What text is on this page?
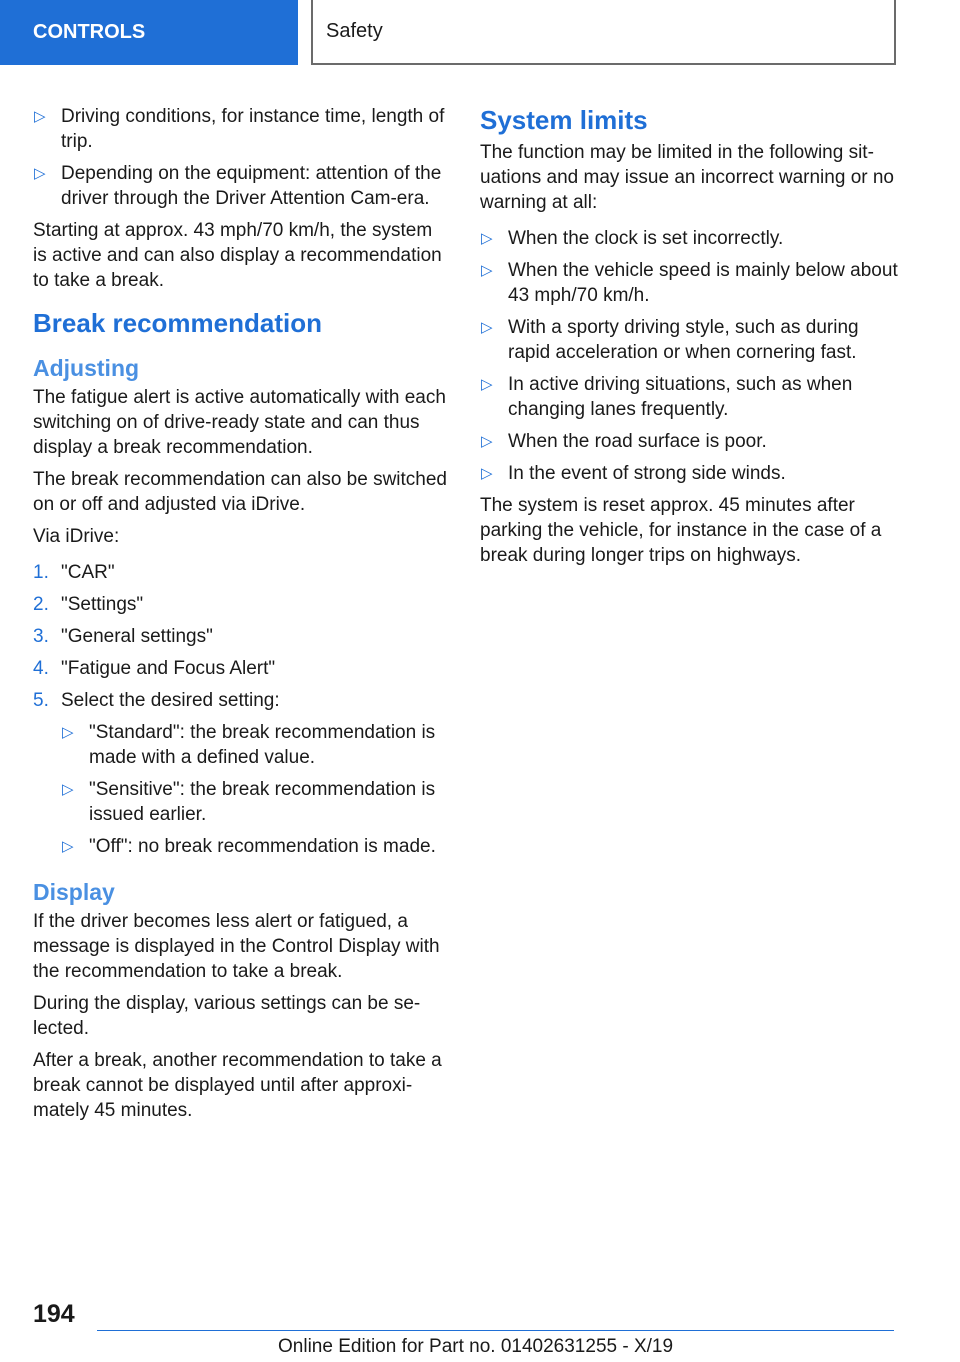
CONTROLS	Safety
▷ Driving conditions, for instance time, length of trip.
▷ Depending on the equipment: attention of the driver through the Driver Attention Cam‐era.

Starting at approx. 43 mph/70 km/h, the system is active and can also display a recommendation to take a break.

Break recommendation
Adjusting

The fatigue alert is active automatically with each switching on of drive-ready state and can thus display a break recommendation.

The break recommendation can also be switched on or off and adjusted via iDrive.

Via iDrive:

1. "CAR"
2. "Settings"
3. "General settings"
4. "Fatigue and Focus Alert"
5. Select the desired setting:
▷ "Standard": the break recommendation is made with a defined value.
▷ "Sensitive": the break recommendation is issued earlier.
▷ "Off": no break recommendation is made.
Display

If the driver becomes less alert or fatigued, a message is displayed in the Control Display with the recommendation to take a break.

During the display, various settings can be se‐lected.

After a break, another recommendation to take a break cannot be displayed until after approxi‐mately 45 minutes.

System limits

The function may be limited in the following sit‐uations and may issue an incorrect warning or no warning at all:

▷ When the clock is set incorrectly.
▷ When the vehicle speed is mainly below about 43 mph/70 km/h.
▷ With a sporty driving style, such as during rapid acceleration or when cornering fast.
▷ In active driving situations, such as when changing lanes frequently.
▷ When the road surface is poor.
▷ In the event of strong side winds.

The system is reset approx. 45 minutes after parking the vehicle, for instance in the case of a break during longer trips on highways.

194
Online Edition for Part no. 01402631255 - X/19
